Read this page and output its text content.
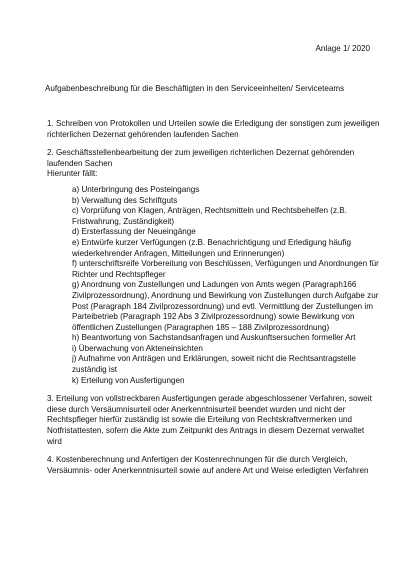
Anlage 1/ 2020
Aufgabenbeschreibung für die Beschäftigten in den Serviceeinheiten/ Serviceteams

1. Schreiben von Protokollen und Urteilen sowie die Erledigung der sonstigen zum jeweiligen richterlichen Dezernat gehörenden laufenden Sachen

2. Geschäftsstellenbearbeitung der zum jeweiligen richterlichen Dezernat gehörenden laufenden Sachen

Hierunter fällt:

a) Unterbringung des Posteingangs
b) Verwaltung des Schriftguts
c) Vorprüfung von Klagen, Anträgen, Rechtsmitteln und Rechtsbehelfen (z.B. Fristwahrung, Zuständigkeit)
d) Ersterfassung der Neueingänge
e) Entwürfe kurzer Verfügungen (z.B. Benachrichtigung und Erledigung häufig wiederkehrender Anfragen, Mitteilungen und Erinnerungen)
f) unterschriftsreife Vorbereitung von Beschlüssen, Verfügungen und Anordnungen für Richter und Rechtspfleger
g) Anordnung von Zustellungen und Ladungen von Amts wegen (Paragraph166 Zivilprozessordnung), Anordnung und Bewirkung von Zustellungen durch Aufgabe zur Post (Paragraph 184 Zivilprozessordnung) und evtl. Vermittlung der Zustellungen im Parteibetrieb (Paragraph 192 Abs 3 Zivilprozessordnung) sowie Bewirkung von öffentlichen Zustellungen (Paragraphen 185 – 188 Zivilprozessordnung)
h) Beantwortung von Sachstandsanfragen und Auskunftsersuchen formeller Art
i) Überwachung von Akteneinsichten
j) Aufnahme von Anträgen und Erklärungen, soweit nicht die Rechtsantragstelle zuständig ist
k) Erteilung von Ausfertigungen

3. Erteilung von vollstreckbaren Ausfertigungen gerade abgeschlossener Verfahren, soweit diese durch Versäumnisurteil oder Anerkenntnisurteil beendet wurden und nicht der Rechtspfleger hierfür zuständig ist sowie die Erteilung von Rechtskraftvermerken und Notfristattesten, sofern die Akte zum Zeitpunkt des Antrags in diesem Dezernat verwaltet wird

4. Kostenberechnung und Anfertigen der Kostenrechnungen für die durch Vergleich, Versäumnis- oder Anerkenntnisurteil sowie auf andere Art und Weise erledigten Verfahren
